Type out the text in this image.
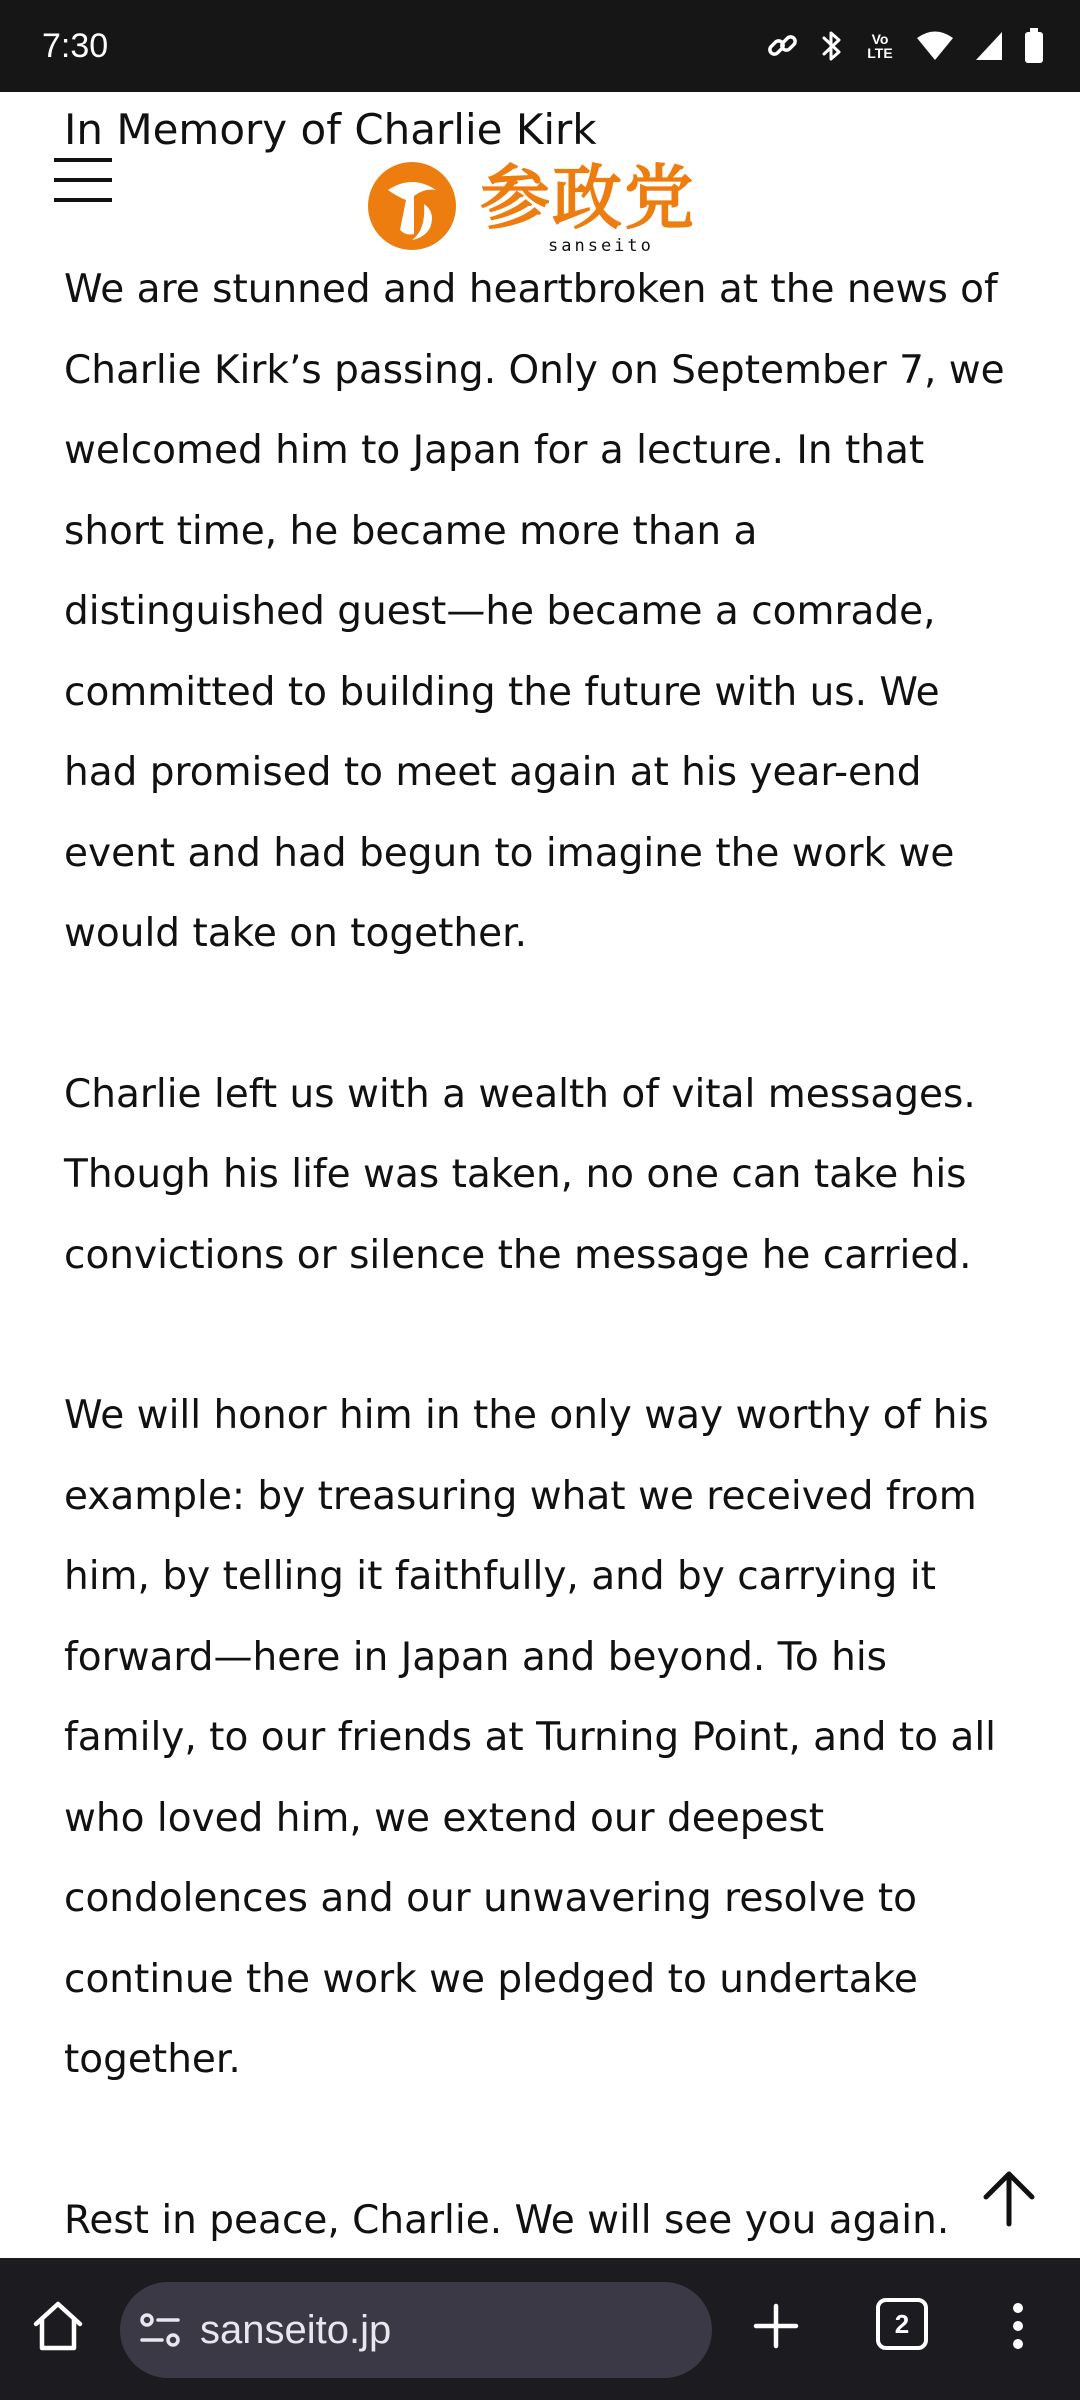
7:30	Vo
LTE
In Memory of Charlie Kirk
参政党
sanseito

We are stunned and heartbroken at the news of Charlie Kirk’s passing. Only on September 7, we welcomed him to Japan for a lecture. In that short time, he became more than a distinguished guest—he became a comrade, committed to building the future with us. We had promised to meet again at his year-end event and had begun to imagine the work we would take on together.

Charlie left us with a wealth of vital messages. Though his life was taken, no one can take his convictions or silence the message he carried.

We will honor him in the only way worthy of his example: by treasuring what we received from him, by telling it faithfully, and by carrying it forward—here in Japan and beyond. To his family, to our friends at Turning Point, and to all who loved him, we extend our deepest condolences and our unwavering resolve to continue the work we pledged to undertake together.

Rest in peace, Charlie. We will see you again.

sanseito.jp	2
